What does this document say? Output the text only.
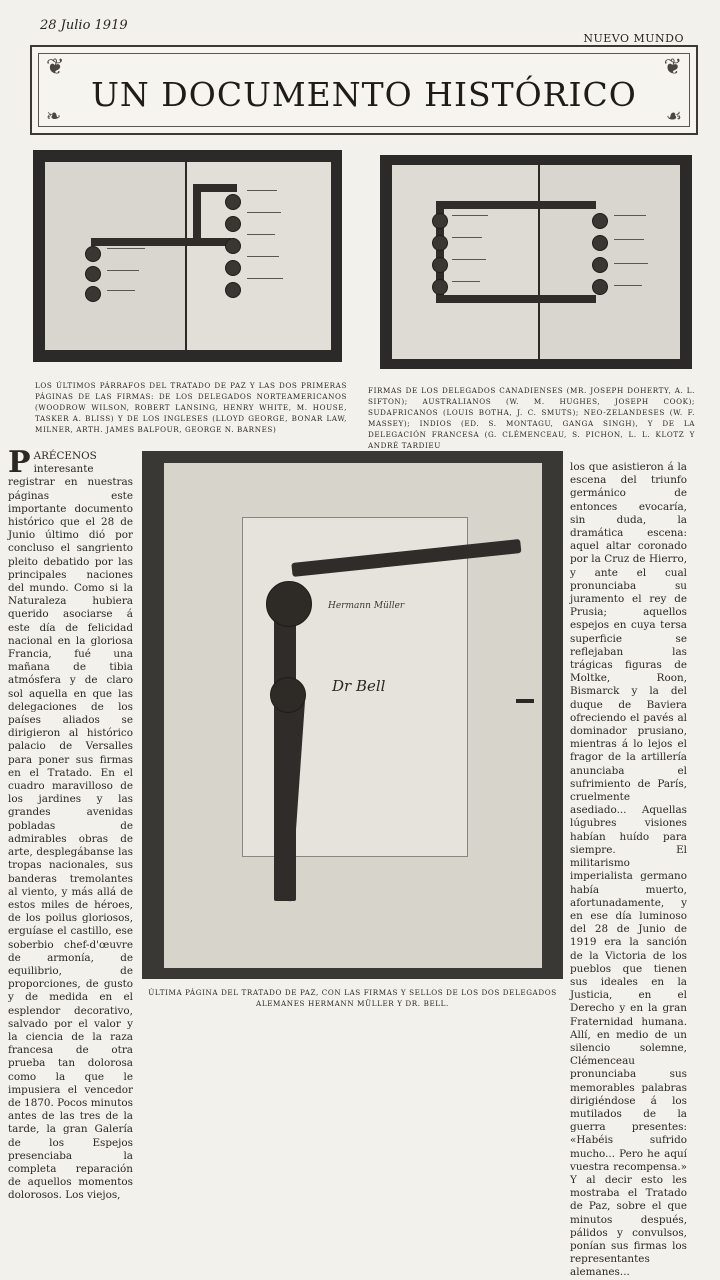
28 Julio 1919
NUEVO MUNDO
❦	❦
❧	☙
UN DOCUMENTO HISTÓRICO
LOS ÚLTIMOS PÁRRAFOS DEL TRATADO DE PAZ Y LAS DOS PRIMERAS PÁGINAS DE LAS FIRMAS: DE LOS DELEGADOS NORTEAMERICANOS (WOODROW WILSON, ROBERT LANSING, HENRY WHITE, M. HOUSE, TASKER A. BLISS) Y DE LOS INGLESES (LLOYD GEORGE, BONAR LAW, MILNER, ARTH. JAMES BALFOUR, GEORGE N. BARNES)
FIRMAS DE LOS DELEGADOS CANADIENSES (MR. JOSEPH DOHERTY, A. L. SIFTON); AUSTRALIANOS (W. M. HUGHES, JOSEPH COOK); SUDAFRICANOS (LOUIS BOTHA, J. C. SMUTS); NEO-ZELANDESES (W. F. MASSEY); INDIOS (ED. S. MONTAGU, GANGA SINGH), Y DE LA DELEGACIÓN FRANCESA (G. CLÉMENCEAU, S. PICHON, L. L. KLOTZ Y ANDRÉ TARDIEU
P ARÉCENOS interesante registrar en nuestras páginas este importante documento histórico que el 28 de Junio último dió por concluso el sangriento pleito debatido por las principales naciones del mundo. Como si la Naturaleza hubiera querido asociarse á este día de felicidad nacional en la gloriosa Francia, fué una mañana de tibia atmósfera y de claro sol aquella en que las delegaciones de los países aliados se dirigieron al histórico palacio de Versalles para poner sus firmas en el Tratado. En el cuadro maravilloso de los jardines y las grandes avenidas pobladas de admirables obras de arte, desplegábanse las tropas nacionales, sus banderas tremolantes al viento, y más allá de estos miles de héroes, de los poilus gloriosos, erguíase el castillo, ese soberbio chef-d'œuvre de armonía, de equilibrio, de proporciones, de gusto y de medida en el esplendor decorativo, salvado por el valor y la ciencia de la raza francesa de otra prueba tan dolorosa como la que le impusiera el vencedor de 1870. Pocos minutos antes de las tres de la tarde, la gran Galería de los Espejos presenciaba la completa reparación de aquellos momentos dolorosos. Los viejos,
Hermann Müller
Dr Bell
los que asistieron á la escena del triunfo germánico de entonces evocaría, sin duda, la dramática escena: aquel altar coronado por la Cruz de Hierro, y ante el cual pronunciaba su juramento el rey de Prusia; aquellos espejos en cuya tersa superficie se reflejaban las trágicas figuras de Moltke, Roon, Bismarck y la del duque de Baviera ofreciendo el pavés al dominador prusiano, mientras á lo lejos el fragor de la artillería anunciaba el sufrimiento de París, cruelmente asediado... Aquellas lúgubres visiones habían huído para siempre. El militarismo imperialista germano había muerto, afortunadamente, y en ese día luminoso del 28 de Junio de 1919 era la sanción de la Victoria de los pueblos que tienen sus ideales en la Justicia, en el Derecho y en la gran Fraternidad humana. Allí, en medio de un silencio solemne, Clémenceau pronunciaba sus memorables palabras dirigiéndose á los mutilados de la guerra presentes: «Habéis sufrido mucho... Pero he aquí vuestra recompensa.» Y al decir esto les mostraba el Tratado de Paz, sobre el que minutos después, pálidos y convulsos, ponían sus firmas los representantes alemanes...
ÚLTIMA PÁGINA DEL TRATADO DE PAZ, CON LAS FIRMAS Y SELLOS DE LOS DOS DELEGADOS ALEMANES HERMANN MÜLLER Y DR. BELL.
